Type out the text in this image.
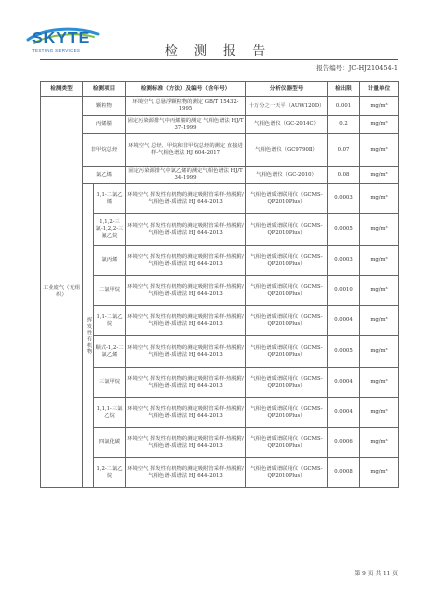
SKYTE
TESTING SERVICES	检 测 报 告
报告编号：JC-HJ210454-1
检测类型	检测项目		检测标准（方法）及编号（含年号）	分析仪器型号	检出限	计量单位
工业废气（无组织）	颗粒物		环境空气 总悬浮颗粒物的测定 GB/T 15432-1995	十万分之一天平（AUW120D）	0.001	mg/m³
	丙烯腈		固定污染源排气中丙烯腈的测定 气相色谱法 HJ/T 37-1999	气相色谱仪（GC-2014C）	0.2	mg/m³
	非甲烷总烃		环境空气 总烃、甲烷和非甲烷总烃的测定 直接进样-气相色谱法 HJ 604-2017	气相色谱仪（GC9790Ⅱ）	0.07	mg/m³
	氯乙烯		固定污染源排气中氯乙烯的测定气相色谱法 HJ/T 34-1999	气相色谱仪（GC-2010）	0.08	mg/m³
	挥发性有机物	1,1-二氯乙烯	环境空气 挥发性有机物的测定吸附管采样-热脱附/气相色谱-质谱法 HJ 644-2013	气相色谱质谱联用仪（GCMS-QP2010Plus）	0.0003	mg/m³
		1,1,2-三氯-1,2,2-三氟乙烷	环境空气 挥发性有机物的测定吸附管采样-热脱附/气相色谱-质谱法 HJ 644-2013	气相色谱质谱联用仪（GCMS-QP2010Plus）	0.0005	mg/m³
		氯丙烯	环境空气 挥发性有机物的测定吸附管采样-热脱附/气相色谱-质谱法 HJ 644-2013	气相色谱质谱联用仪（GCMS-QP2010Plus）	0.0003	mg/m³
		二氯甲烷	环境空气 挥发性有机物的测定吸附管采样-热脱附/气相色谱-质谱法 HJ 644-2013	气相色谱质谱联用仪（GCMS-QP2010Plus）	0.0010	mg/m³
		1,1-二氯乙烷	环境空气 挥发性有机物的测定吸附管采样-热脱附/气相色谱-质谱法 HJ 644-2013	气相色谱质谱联用仪（GCMS-QP2010Plus）	0.0004	mg/m³
		顺式-1,2-二氯乙烯	环境空气 挥发性有机物的测定吸附管采样-热脱附/气相色谱-质谱法 HJ 644-2013	气相色谱质谱联用仪（GCMS-QP2010Plus）	0.0005	mg/m³
		三氯甲烷	环境空气 挥发性有机物的测定吸附管采样-热脱附/气相色谱-质谱法 HJ 644-2013	气相色谱质谱联用仪（GCMS-QP2010Plus）	0.0004	mg/m³
		1,1,1-三氯乙烷	环境空气 挥发性有机物的测定吸附管采样-热脱附/气相色谱-质谱法 HJ 644-2013	气相色谱质谱联用仪（GCMS-QP2010Plus）	0.0004	mg/m³
		四氯化碳	环境空气 挥发性有机物的测定吸附管采样-热脱附/气相色谱-质谱法 HJ 644-2013	气相色谱质谱联用仪（GCMS-QP2010Plus）	0.0006	mg/m³
		1,2-二氯乙烷	环境空气 挥发性有机物的测定吸附管采样-热脱附/气相色谱-质谱法 HJ 644-2013	气相色谱质谱联用仪（GCMS-QP2010Plus）	0.0008	mg/m³
第 9 页 共 11 页
